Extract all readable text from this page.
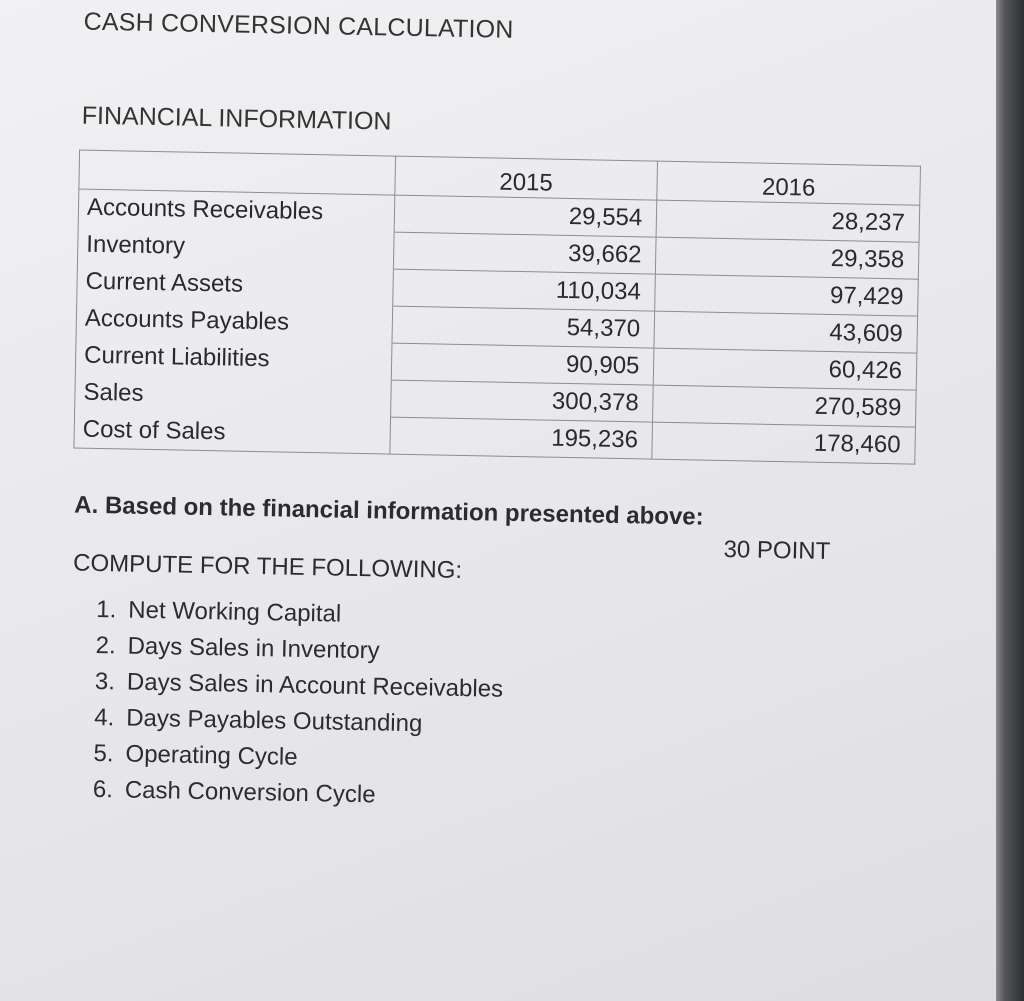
CASH CONVERSION CALCULATION
FINANCIAL INFORMATION
	2015	2016
Accounts Receivables	29,554	28,237
Inventory	39,662	29,358
Current Assets	110,034	97,429
Accounts Payables	54,370	43,609
Current Liabilities	90,905	60,426
Sales	300,378	270,589
Cost of Sales	195,236	178,460
A. Based on the financial information presented above:
30 POINT
COMPUTE FOR THE FOLLOWING:
1. Net Working Capital
2. Days Sales in Inventory
3. Days Sales in Account Receivables
4. Days Payables Outstanding
5. Operating Cycle
6. Cash Conversion Cycle
